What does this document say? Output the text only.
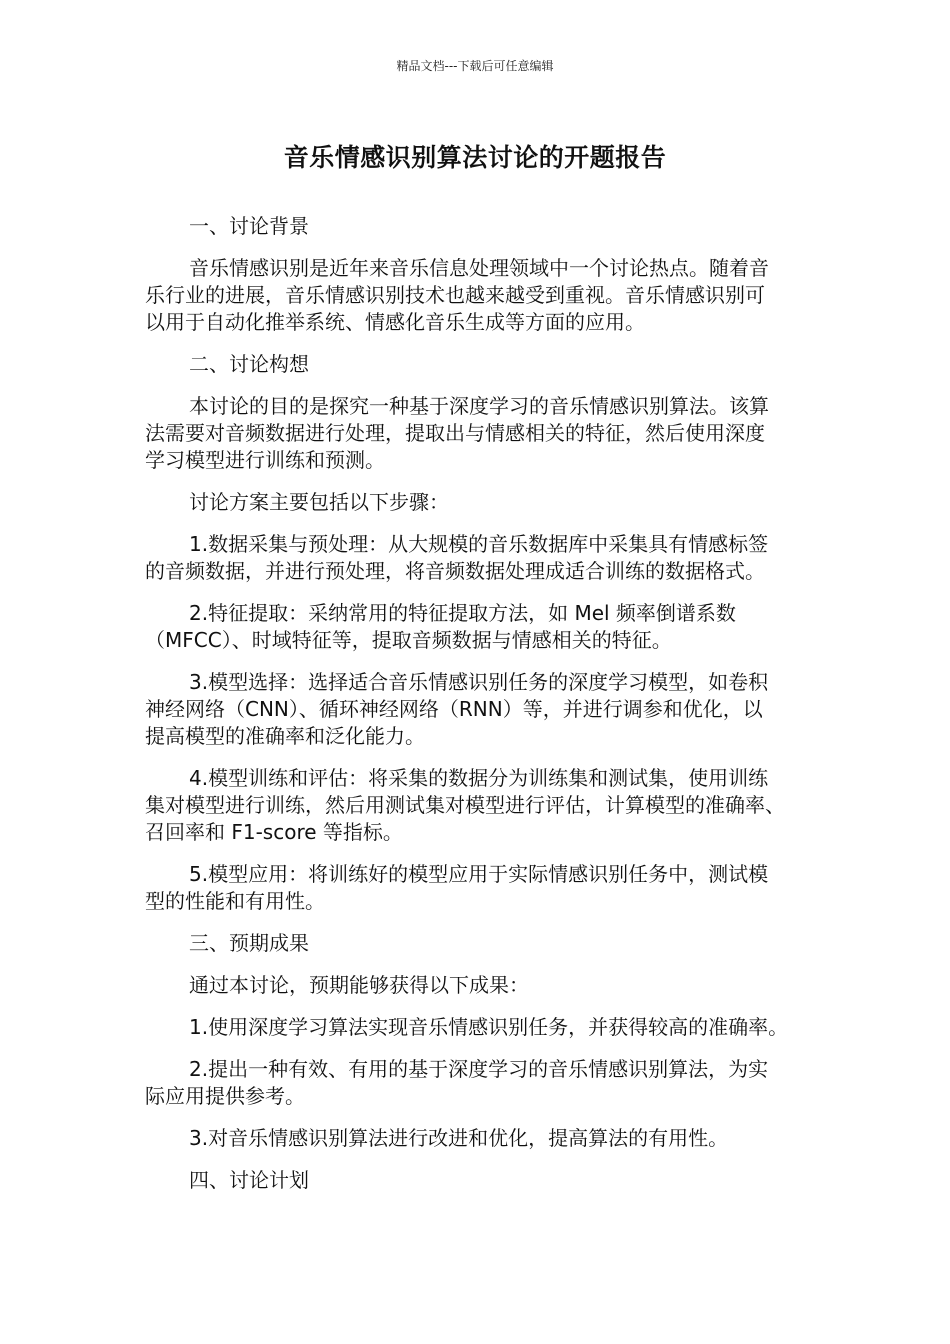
精品文档---下载后可任意编辑
音乐情感识别算法讨论的开题报告
一、讨论背景
音乐情感识别是近年来音乐信息处理领域中一个讨论热点。随着音
乐行业的进展，音乐情感识别技术也越来越受到重视。音乐情感识别可
以用于自动化推举系统、情感化音乐生成等方面的应用。
二、讨论构想
本讨论的目的是探究一种基于深度学习的音乐情感识别算法。该算
法需要对音频数据进行处理，提取出与情感相关的特征，然后使用深度
学习模型进行训练和预测。
讨论方案主要包括以下步骤：
1.数据采集与预处理：从大规模的音乐数据库中采集具有情感标签
的音频数据，并进行预处理，将音频数据处理成适合训练的数据格式。
2.特征提取：采纳常用的特征提取方法，如 Mel 频率倒谱系数
（MFCC）、时域特征等，提取音频数据与情感相关的特征。
3.模型选择：选择适合音乐情感识别任务的深度学习模型，如卷积
神经网络（CNN）、循环神经网络（RNN）等，并进行调参和优化，以
提高模型的准确率和泛化能力。
4.模型训练和评估：将采集的数据分为训练集和测试集，使用训练
集对模型进行训练，然后用测试集对模型进行评估，计算模型的准确率、
召回率和 F1-score 等指标。
5.模型应用：将训练好的模型应用于实际情感识别任务中，测试模
型的性能和有用性。
三、预期成果
通过本讨论，预期能够获得以下成果：
1.使用深度学习算法实现音乐情感识别任务，并获得较高的准确率。
2.提出一种有效、有用的基于深度学习的音乐情感识别算法，为实
际应用提供参考。
3.对音乐情感识别算法进行改进和优化，提高算法的有用性。
四、讨论计划
